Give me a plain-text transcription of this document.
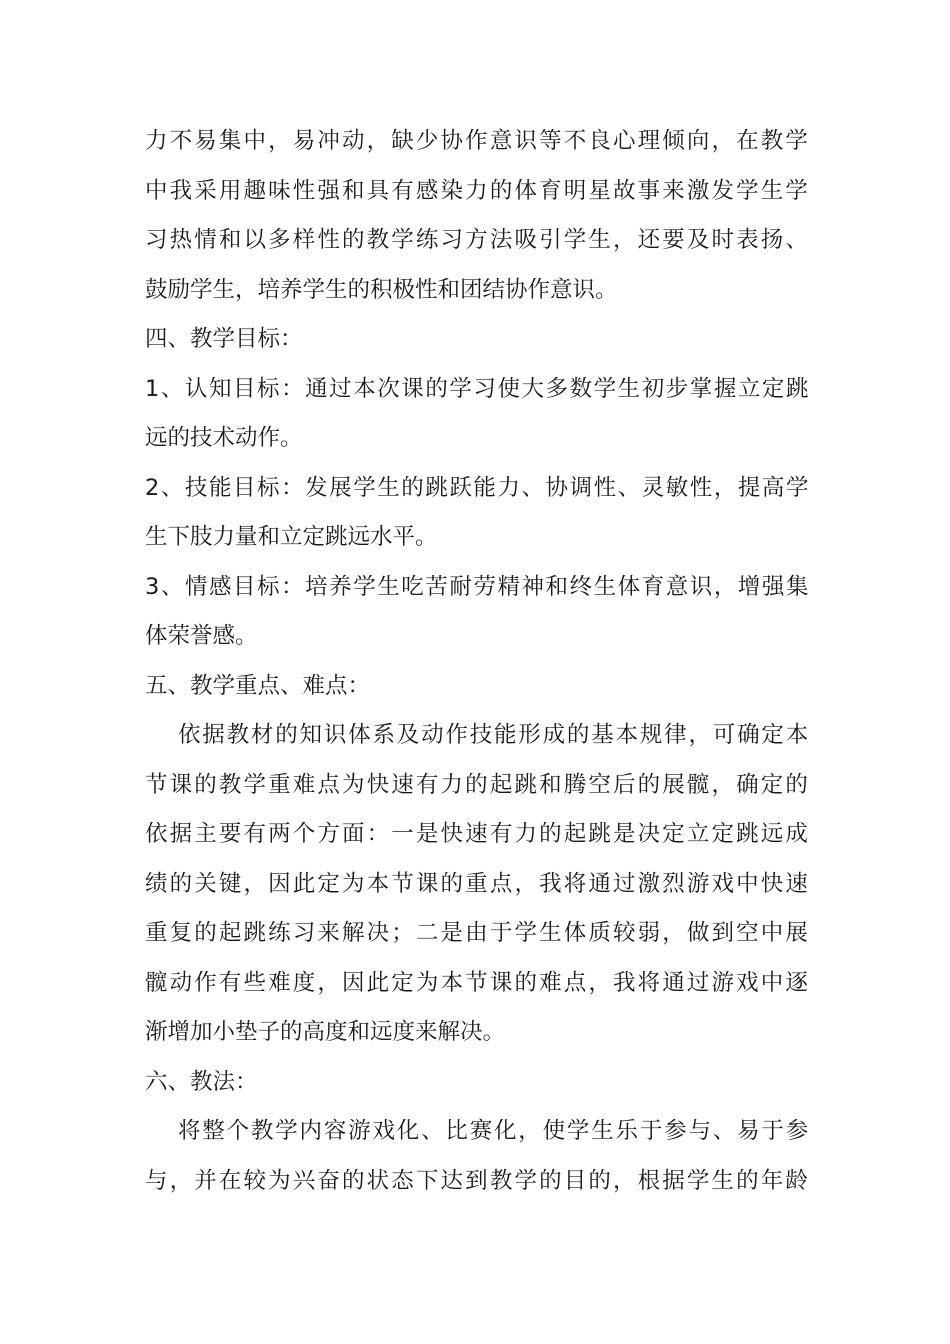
力不易集中，易冲动，缺少协作意识等不良心理倾向，在教学
中我采用趣味性强和具有感染力的体育明星故事来激发学生学
习热情和以多样性的教学练习方法吸引学生，还要及时表扬、
鼓励学生，培养学生的积极性和团结协作意识。
四、教学目标：
1、认知目标：通过本次课的学习使大多数学生初步掌握立定跳
远的技术动作。
2、技能目标：发展学生的跳跃能力、协调性、灵敏性，提高学
生下肢力量和立定跳远水平。
3、情感目标：培养学生吃苦耐劳精神和终生体育意识，增强集
体荣誉感。
五、教学重点、难点：
依据教材的知识体系及动作技能形成的基本规律，可确定本
节课的教学重难点为快速有力的起跳和腾空后的展髋，确定的
依据主要有两个方面：一是快速有力的起跳是决定立定跳远成
绩的关键，因此定为本节课的重点，我将通过激烈游戏中快速
重复的起跳练习来解决；二是由于学生体质较弱，做到空中展
髋动作有些难度，因此定为本节课的难点，我将通过游戏中逐
渐增加小垫子的高度和远度来解决。
六、教法：
将整个教学内容游戏化、比赛化，使学生乐于参与、易于参
与，并在较为兴奋的状态下达到教学的目的，根据学生的年龄
